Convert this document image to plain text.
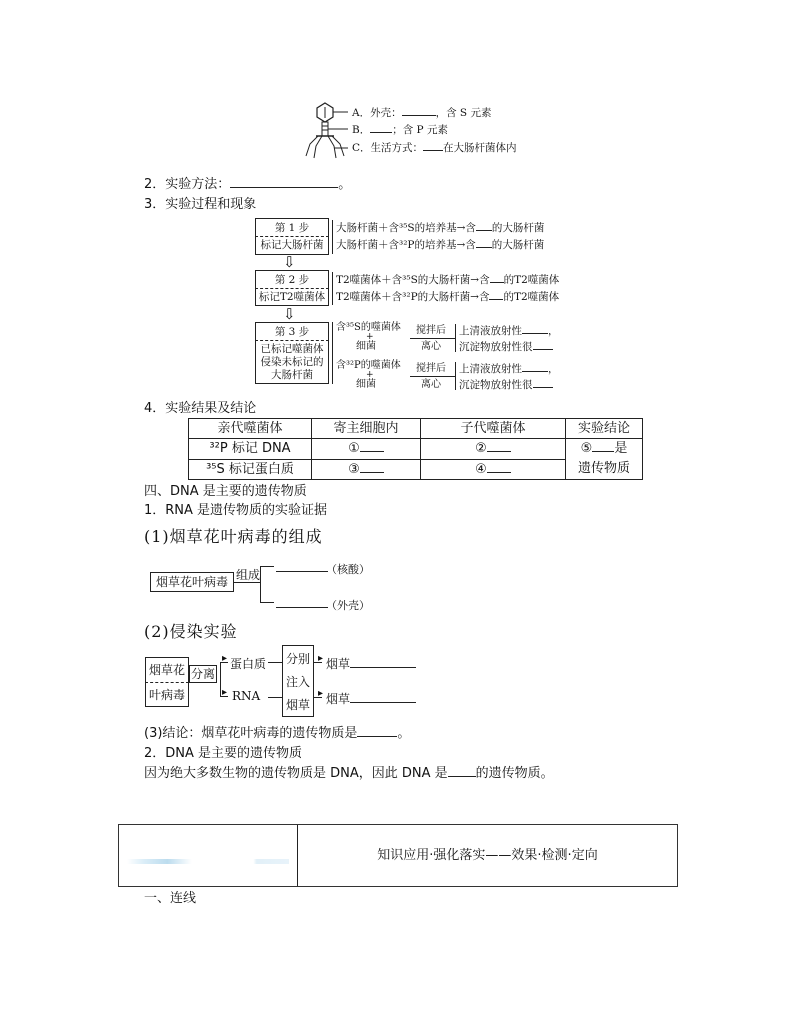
A．外壳：	，含 S 元素
B． ；含 P 元素
C．生活方式： 在大肠杆菌体内
2．实验方法：	。
3．实验过程和现象
第 1 步
标记大肠杆菌
大肠杆菌＋含³⁵S的培养基→含 的大肠杆菌
大肠杆菌＋含³²P的培养基→含 的大肠杆菌
⇩
第 2 步
标记T2噬菌体
T2噬菌体＋含³⁵S的大肠杆菌→含 的T2噬菌体
T2噬菌体＋含³²P的大肠杆菌→含 的T2噬菌体
⇩
第 3 步
已标记噬菌体
侵染未标记的
大肠杆菌
含³⁵S的噬菌体
+
细菌
搅拌后
离心
上清液放射性 ，
沉淀物放射性很
含³²P的噬菌体
+
细菌
搅拌后
离心
上清液放射性 ，
沉淀物放射性很
4．实验结果及结论
亲代噬菌体	寄主细胞内	子代噬菌体	实验结论
³²P 标记 DNA	①	②	⑤ 是
遗传物质
³⁵S 标记蛋白质	③	④	
四、DNA 是主要的遗传物质
1．RNA 是遗传物质的实验证据
(1)烟草花叶病毒的组成
烟草花叶病毒 组成	（核酸）
（外壳）
(2)侵染实验
烟草花
叶病毒
分离
▸
▸
蛋白质
RNA
分别
注入
烟草
▸
▸
烟草
烟草
(3)结论：烟草花叶病毒的遗传物质是	。
2．DNA 是主要的遗传物质
因为绝大多数生物的遗传物质是 DNA，因此 DNA 是 的遗传物质。
知识应用·强化落实——效果·检测·定向
一、连线
